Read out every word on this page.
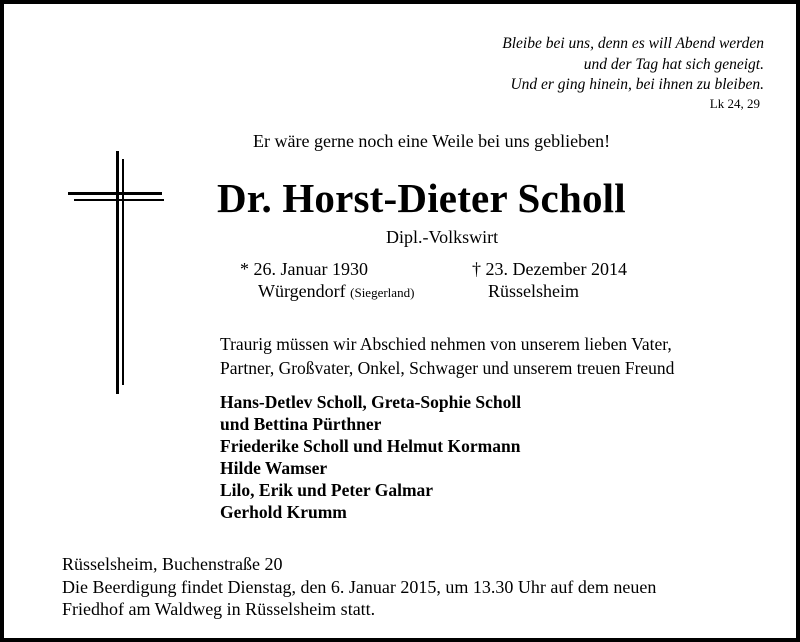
Bleibe bei uns, denn es will Abend werden
und der Tag hat sich geneigt.
Und er ging hinein, bei ihnen zu bleiben.
Lk 24, 29
Er wäre gerne noch eine Weile bei uns geblieben!
Dr. Horst-Dieter Scholl
Dipl.-Volkswirt
* 26. Januar 1930
Würgendorf (Siegerland)
† 23. Dezember 2014
Rüsselsheim
Traurig müssen wir Abschied nehmen von unserem lieben Vater,
Partner, Großvater, Onkel, Schwager und unserem treuen Freund
Hans-Detlev Scholl, Greta-Sophie Scholl
und Bettina Pürthner
Friederike Scholl und Helmut Kormann
Hilde Wamser
Lilo, Erik und Peter Galmar
Gerhold Krumm
Rüsselsheim, Buchenstraße 20
Die Beerdigung findet Dienstag, den 6. Januar 2015, um 13.30 Uhr auf dem neuen
Friedhof am Waldweg in Rüsselsheim statt.
